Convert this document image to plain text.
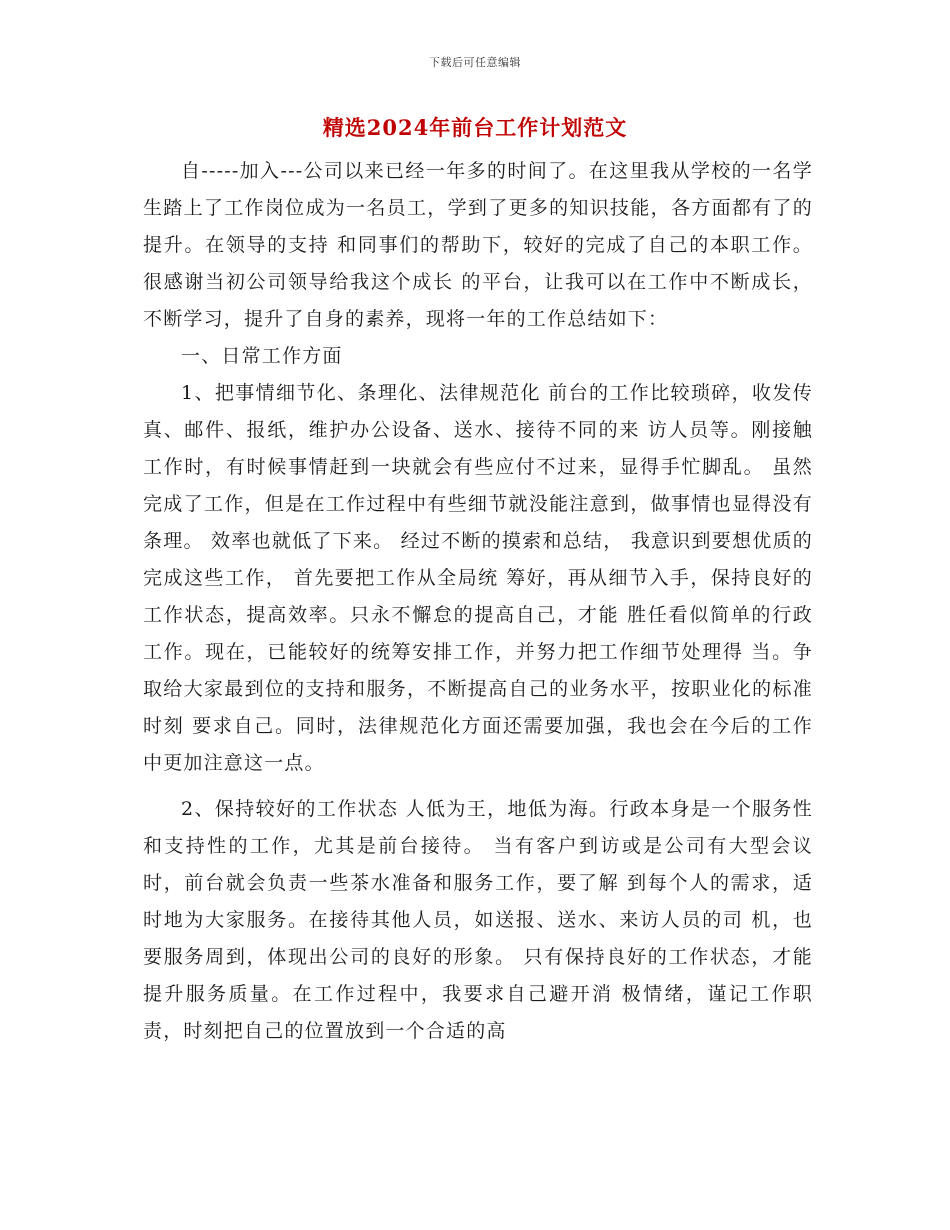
下载后可任意编辑
精选2024年前台工作计划范文

自-----加入---公司以来已经一年多的时间了。在这里我从学校的一名学生踏上了工作岗位成为一名员工，学到了更多的知识技能，各方面都有了的提升。在领导的支持 和同事们的帮助下，较好的完成了自己的本职工作。很感谢当初公司领导给我这个成长 的平台，让我可以在工作中不断成长，不断学习，提升了自身的素养，现将一年的工作总结如下：

一、日常工作方面

1、把事情细节化、条理化、法律规范化 前台的工作比较琐碎，收发传真、邮件、报纸，维护办公设备、送水、接待不同的来 访人员等。刚接触工作时，有时候事情赶到一块就会有些应付不过来，显得手忙脚乱。 虽然完成了工作，但是在工作过程中有些细节就没能注意到，做事情也显得没有条理。 效率也就低了下来。 经过不断的摸索和总结， 我意识到要想优质的完成这些工作， 首先要把工作从全局统 筹好，再从细节入手，保持良好的工作状态，提高效率。只永不懈怠的提高自己，才能 胜任看似简单的行政工作。现在，已能较好的统筹安排工作，并努力把工作细节处理得 当。争取给大家最到位的支持和服务，不断提高自己的业务水平，按职业化的标准时刻 要求自己。同时，法律规范化方面还需要加强，我也会在今后的工作中更加注意这一点。

2、保持较好的工作状态 人低为王，地低为海。行政本身是一个服务性和支持性的工作，尤其是前台接待。 当有客户到访或是公司有大型会议时，前台就会负责一些茶水准备和服务工作，要了解 到每个人的需求，适时地为大家服务。在接待其他人员，如送报、送水、来访人员的司 机，也要服务周到，体现出公司的良好的形象。 只有保持良好的工作状态，才能提升服务质量。在工作过程中，我要求自己避开消 极情绪，谨记工作职责，时刻把自己的位置放到一个合适的高
